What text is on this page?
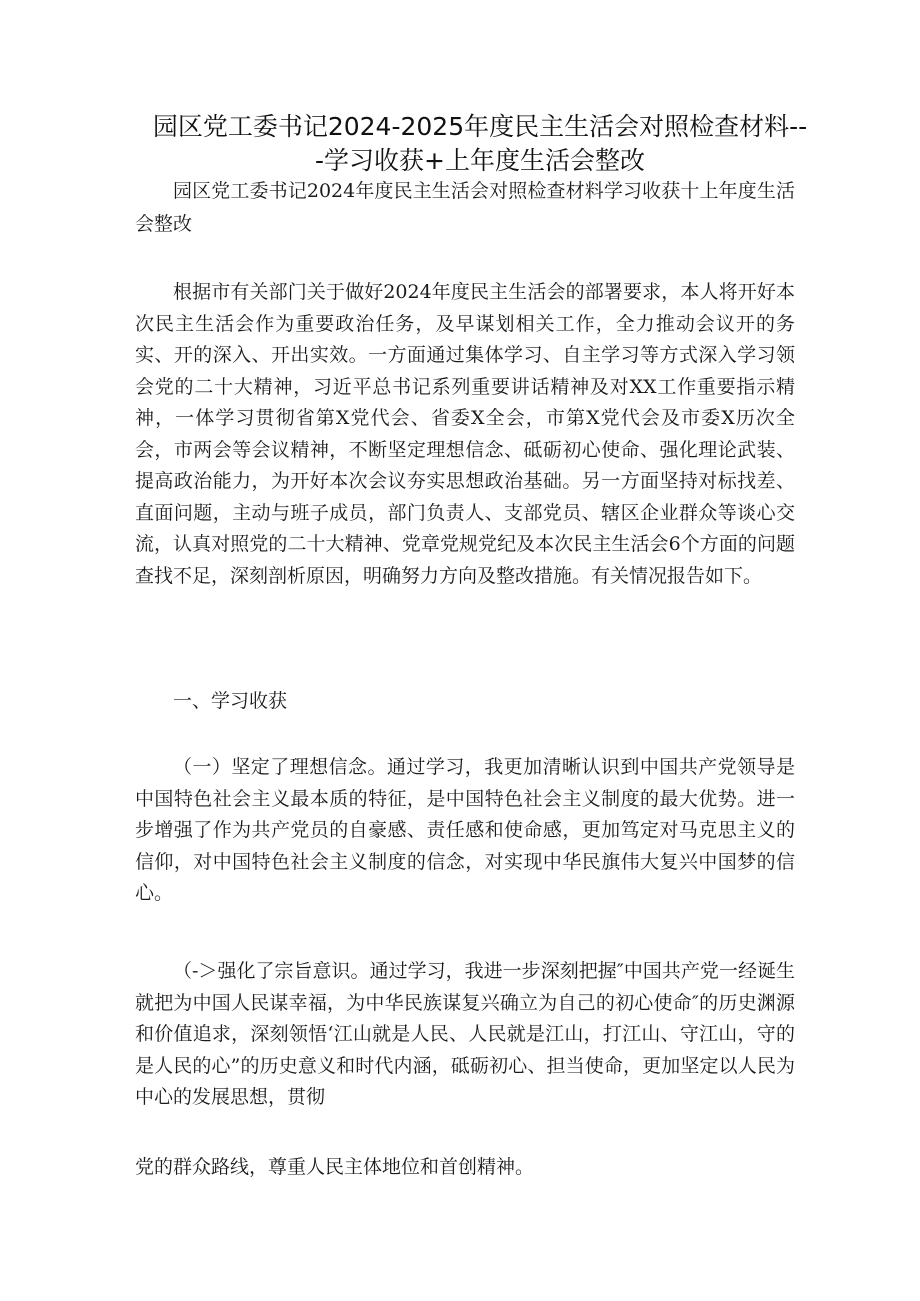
园区党工委书记2024-2025年度民主生活会对照检查材料---学习收获+上年度生活会整改
园区党工委书记2024年度民主生活会对照检查材料学习收获十上年度生活会整改
根据市有关部门关于做好2024年度民主生活会的部署要求，本人将开好本次民主生活会作为重要政治任务，及早谋划相关工作，全力推动会议开的务实、开的深入、开出实效。一方面通过集体学习、自主学习等方式深入学习领会党的二十大精神，习近平总书记系列重要讲话精神及对XX工作重要指示精神，一体学习贯彻省第X党代会、省委X全会，市第X党代会及市委X历次全会，市两会等会议精神，不断坚定理想信念、砥砺初心使命、强化理论武装、提高政治能力，为开好本次会议夯实思想政治基础。另一方面坚持对标找差、直面问题，主动与班子成员，部门负责人、支部党员、辖区企业群众等谈心交流，认真对照党的二十大精神、党章党规党纪及本次民主生活会6个方面的问题查找不足，深刻剖析原因，明确努力方向及整改措施。有关情况报告如下。
一、学习收获
（一）坚定了理想信念。通过学习，我更加清晰认识到中国共产党领导是中国特色社会主义最本质的特征，是中国特色社会主义制度的最大优势。进一步增强了作为共产党员的自豪感、责任感和使命感，更加笃定对马克思主义的信仰，对中国特色社会主义制度的信念，对实现中华民旗伟大复兴中国梦的信心。
（-＞强化了宗旨意识。通过学习，我进一步深刻把握″中国共产党一经诞生就把为中国人民谋幸福，为中华民族谋复兴确立为自己的初心使命″的历史渊源和价值追求，深刻领悟‘江山就是人民、人民就是江山，打江山、守江山，守的是人民的心”的历史意义和时代内涵，砥砺初心、担当使命，更加坚定以人民为中心的发展思想，贯彻
党的群众路线，尊重人民主体地位和首创精神。
